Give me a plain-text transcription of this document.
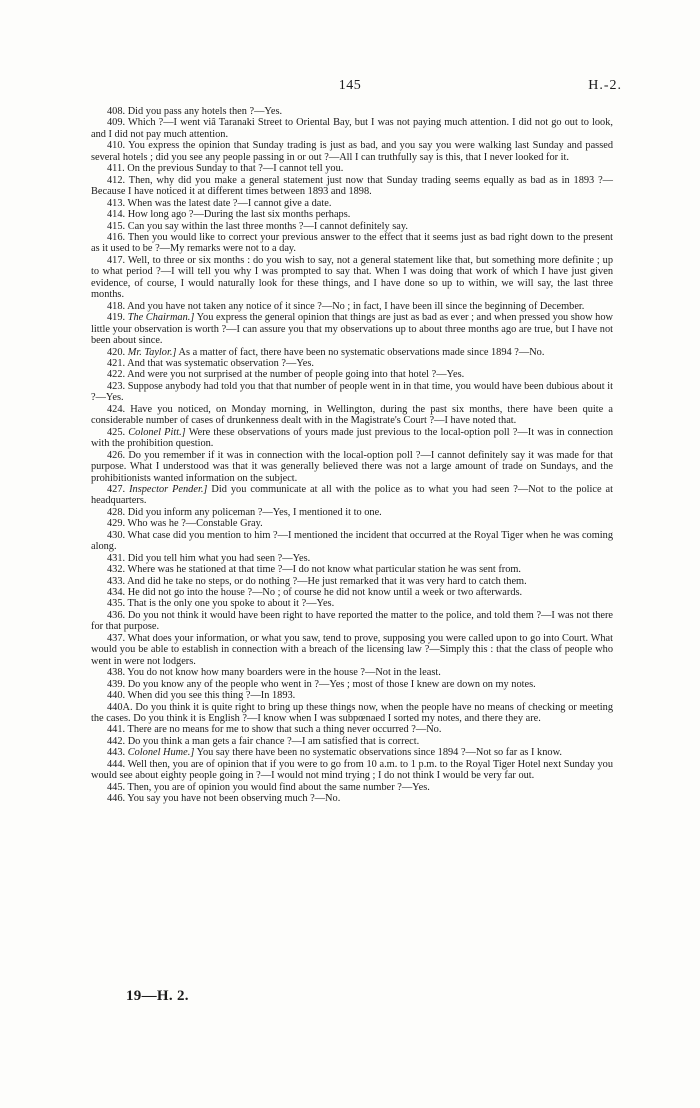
145	H.-2.

408. Did you pass any hotels then ?—Yes.

409. Which ?—I went viâ Taranaki Street to Oriental Bay, but I was not paying much attention. I did not go out to look, and I did not pay much attention.

410. You express the opinion that Sunday trading is just as bad, and you say you were walking last Sunday and passed several hotels ; did you see any people passing in or out ?—All I can truthfully say is this, that I never looked for it.

411. On the previous Sunday to that ?—I cannot tell you.

412. Then, why did you make a general statement just now that Sunday trading seems equally as bad as in 1893 ?—Because I have noticed it at different times between 1893 and 1898.

413. When was the latest date ?—I cannot give a date.

414. How long ago ?—During the last six months perhaps.

415. Can you say within the last three months ?—I cannot definitely say.

416. Then you would like to correct your previous answer to the effect that it seems just as bad right down to the present as it used to be ?—My remarks were not to a day.

417. Well, to three or six months : do you wish to say, not a general statement like that, but something more definite ; up to what period ?—I will tell you why I was prompted to say that. When I was doing that work of which I have just given evidence, of course, I would naturally look for these things, and I have done so up to within, we will say, the last three months.

418. And you have not taken any notice of it since ?—No ; in fact, I have been ill since the beginning of December.

419. The Chairman.] You express the general opinion that things are just as bad as ever ; and when pressed you show how little your observation is worth ?—I can assure you that my observations up to about three months ago are true, but I have not been about since.

420. Mr. Taylor.] As a matter of fact, there have been no systematic observations made since 1894 ?—No.

421. And that was systematic observation ?—Yes.

422. And were you not surprised at the number of people going into that hotel ?—Yes.

423. Suppose anybody had told you that that number of people went in in that time, you would have been dubious about it ?—Yes.

424. Have you noticed, on Monday morning, in Wellington, during the past six months, there have been quite a considerable number of cases of drunkenness dealt with in the Magistrate's Court ?—I have noted that.

425. Colonel Pitt.] Were these observations of yours made just previous to the local-option poll ?—It was in connection with the prohibition question.

426. Do you remember if it was in connection with the local-option poll ?—I cannot definitely say it was made for that purpose. What I understood was that it was generally believed there was not a large amount of trade on Sundays, and the prohibitionists wanted information on the subject.

427. Inspector Pender.] Did you communicate at all with the police as to what you had seen ?—Not to the police at headquarters.

428. Did you inform any policeman ?—Yes, I mentioned it to one.

429. Who was he ?—Constable Gray.

430. What case did you mention to him ?—I mentioned the incident that occurred at the Royal Tiger when he was coming along.

431. Did you tell him what you had seen ?—Yes.

432. Where was he stationed at that time ?—I do not know what particular station he was sent from.

433. And did he take no steps, or do nothing ?—He just remarked that it was very hard to catch them.

434. He did not go into the house ?—No ; of course he did not know until a week or two afterwards.

435. That is the only one you spoke to about it ?—Yes.

436. Do you not think it would have been right to have reported the matter to the police, and told them ?—I was not there for that purpose.

437. What does your information, or what you saw, tend to prove, supposing you were called upon to go into Court. What would you be able to establish in connection with a breach of the licensing law ?—Simply this : that the class of people who went in were not lodgers.

438. You do not know how many boarders were in the house ?—Not in the least.

439. Do you know any of the people who went in ?—Yes ; most of those I knew are down on my notes.

440. When did you see this thing ?—In 1893.

440A. Do you think it is quite right to bring up these things now, when the people have no means of checking or meeting the cases. Do you think it is English ?—I know when I was subpœnaed I sorted my notes, and there they are.

441. There are no means for me to show that such a thing never occurred ?—No.

442. Do you think a man gets a fair chance ?—I am satisfied that is correct.

443. Colonel Hume.] You say there have been no systematic observations since 1894 ?—Not so far as I know.

444. Well then, you are of opinion that if you were to go from 10 a.m. to 1 p.m. to the Royal Tiger Hotel next Sunday you would see about eighty people going in ?—I would not mind trying ; I do not think I would be very far out.

445. Then, you are of opinion you would find about the same number ?—Yes.

446. You say you have not been observing much ?—No.

19—H. 2.
